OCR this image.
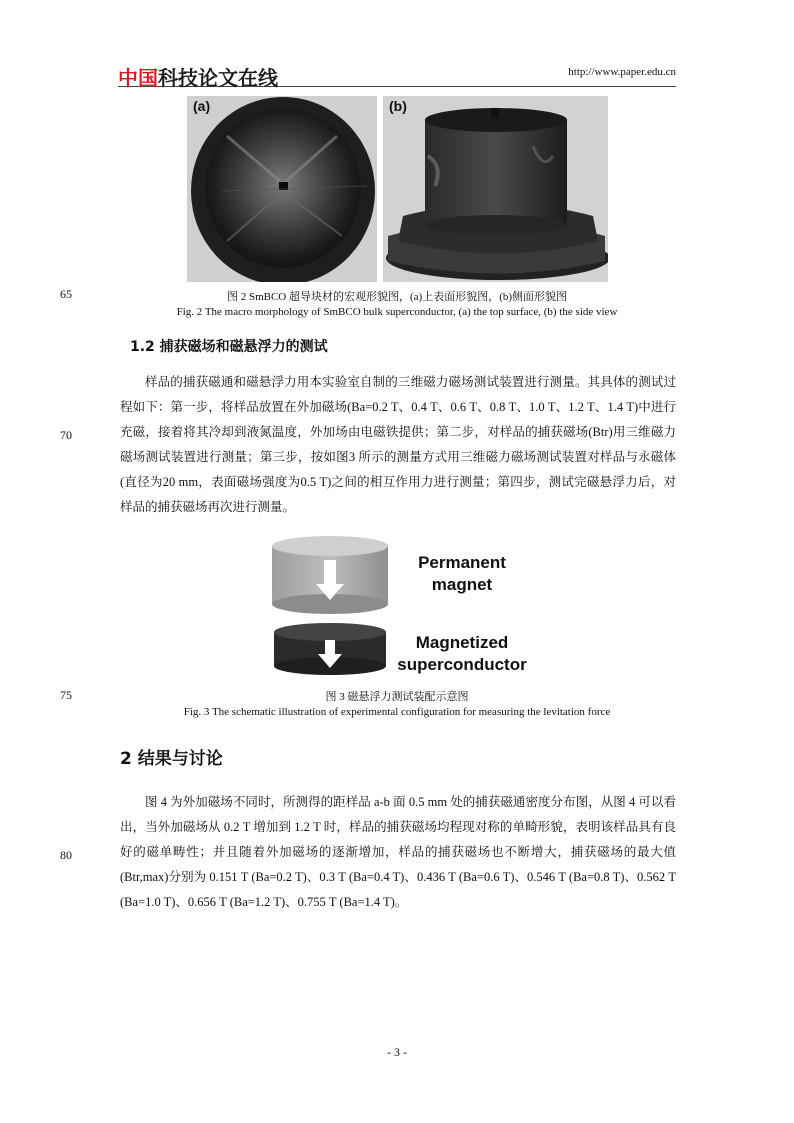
中国科技论文在线	http://www.paper.edu.cn
(a)	(b)
65
70
75
80
图 2 SmBCO 超导块材的宏观形貌图，(a)上表面形貌图，(b)侧面形貌图
Fig. 2 The macro morphology of SmBCO bulk superconductor, (a) the top surface, (b) the side view
1.2 捕获磁场和磁悬浮力的测试

样品的捕获磁通和磁悬浮力用本实验室自制的三维磁力磁场测试装置进行测量。其具体的测试过程如下：第一步，将样品放置在外加磁场(Ba=0.2 T、0.4 T、0.6 T、0.8 T、1.0 T、1.2 T、1.4 T)中进行充磁，接着将其冷却到液氮温度，外加场由电磁铁提供；第二步，对样品的捕获磁场(Btr)用三维磁力磁场测试装置进行测量；第三步，按如图3 所示的测量方式用三维磁力磁场测试装置对样品与永磁体(直径为20 mm，表面磁场强度为0.5 T)之间的相互作用力进行测量；第四步，测试完磁悬浮力后，对样品的捕获磁场再次进行测量。

Permanent
magnet
Magnetized
superconductor
图 3 磁悬浮力测试装配示意图
Fig. 3 The schematic illustration of experimental configuration for measuring the levitation force
2 结果与讨论

图 4 为外加磁场不同时，所测得的距样品 a-b 面 0.5 mm 处的捕获磁通密度分布图，从图 4 可以看出，当外加磁场从 0.2 T 增加到 1.2 T 时，样品的捕获磁场均程现对称的单畸形貌，表明该样品具有良好的磁单畴性；并且随着外加磁场的逐渐增加，样品的捕获磁场也不断增大，捕获磁场的最大值(Btr,max)分别为 0.151 T (Ba=0.2 T)、0.3 T (Ba=0.4 T)、0.436 T (Ba=0.6 T)、0.546 T (Ba=0.8 T)、0.562 T (Ba=1.0 T)、0.656 T (Ba=1.2 T)、0.755 T (Ba=1.4 T)。

- 3 -
